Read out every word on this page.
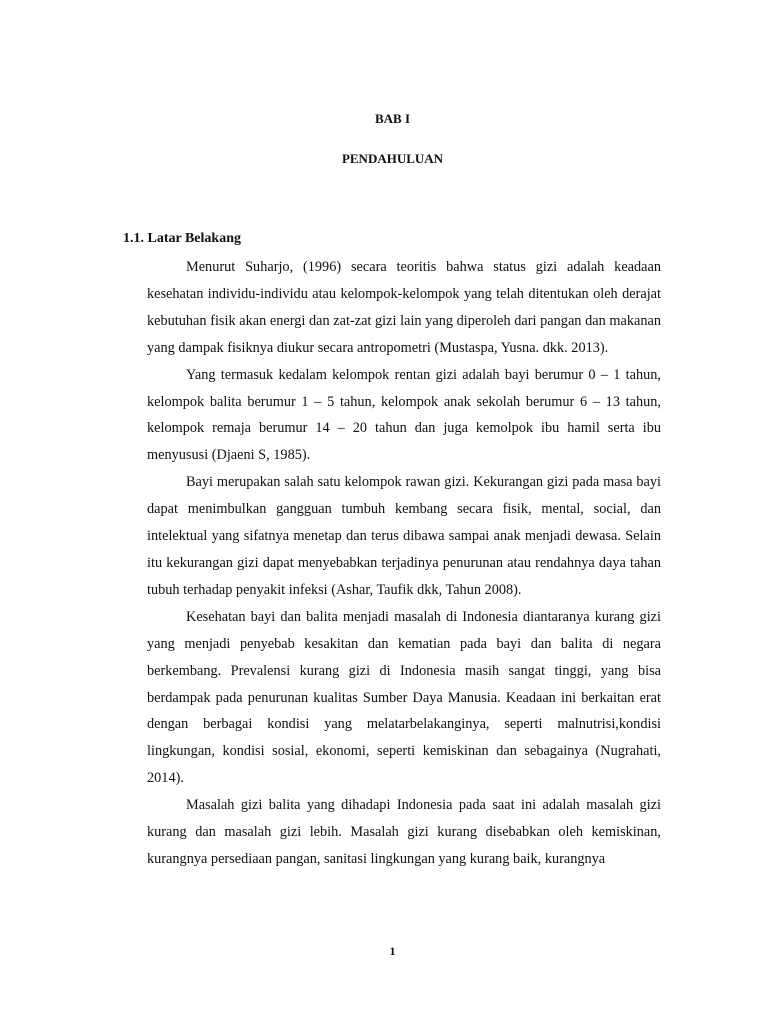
BAB I
PENDAHULUAN
1.1. Latar Belakang

Menurut Suharjo, (1996) secara teoritis bahwa status gizi adalah keadaan kesehatan individu-individu atau kelompok-kelompok yang telah ditentukan oleh derajat kebutuhan fisik akan energi dan zat-zat gizi lain yang diperoleh dari pangan dan makanan yang dampak fisiknya diukur secara antropometri (Mustaspa, Yusna. dkk. 2013).

Yang termasuk kedalam kelompok rentan gizi adalah bayi berumur 0 – 1 tahun, kelompok balita berumur 1 – 5 tahun, kelompok anak sekolah berumur 6 – 13 tahun, kelompok remaja berumur 14 – 20 tahun dan juga kemolpok ibu hamil serta ibu menyususi (Djaeni S, 1985).

Bayi merupakan salah satu kelompok rawan gizi. Kekurangan gizi pada masa bayi dapat menimbulkan gangguan tumbuh kembang secara fisik, mental, social, dan intelektual yang sifatnya menetap dan terus dibawa sampai anak menjadi dewasa. Selain itu kekurangan gizi dapat menyebabkan terjadinya penurunan atau rendahnya daya tahan tubuh terhadap penyakit infeksi (Ashar, Taufik dkk, Tahun 2008).

Kesehatan bayi dan balita menjadi masalah di Indonesia diantaranya kurang gizi yang menjadi penyebab kesakitan dan kematian pada bayi dan balita di negara berkembang. Prevalensi kurang gizi di Indonesia masih sangat tinggi, yang bisa berdampak pada penurunan kualitas Sumber Daya Manusia. Keadaan ini berkaitan erat dengan berbagai kondisi yang melatarbelakanginya, seperti malnutrisi,kondisi lingkungan, kondisi sosial, ekonomi, seperti kemiskinan dan sebagainya (Nugrahati, 2014).

Masalah gizi balita yang dihadapi Indonesia pada saat ini adalah masalah gizi kurang dan masalah gizi lebih. Masalah gizi kurang disebabkan oleh kemiskinan, kurangnya persediaan pangan, sanitasi lingkungan yang kurang baik, kurangnya

1
